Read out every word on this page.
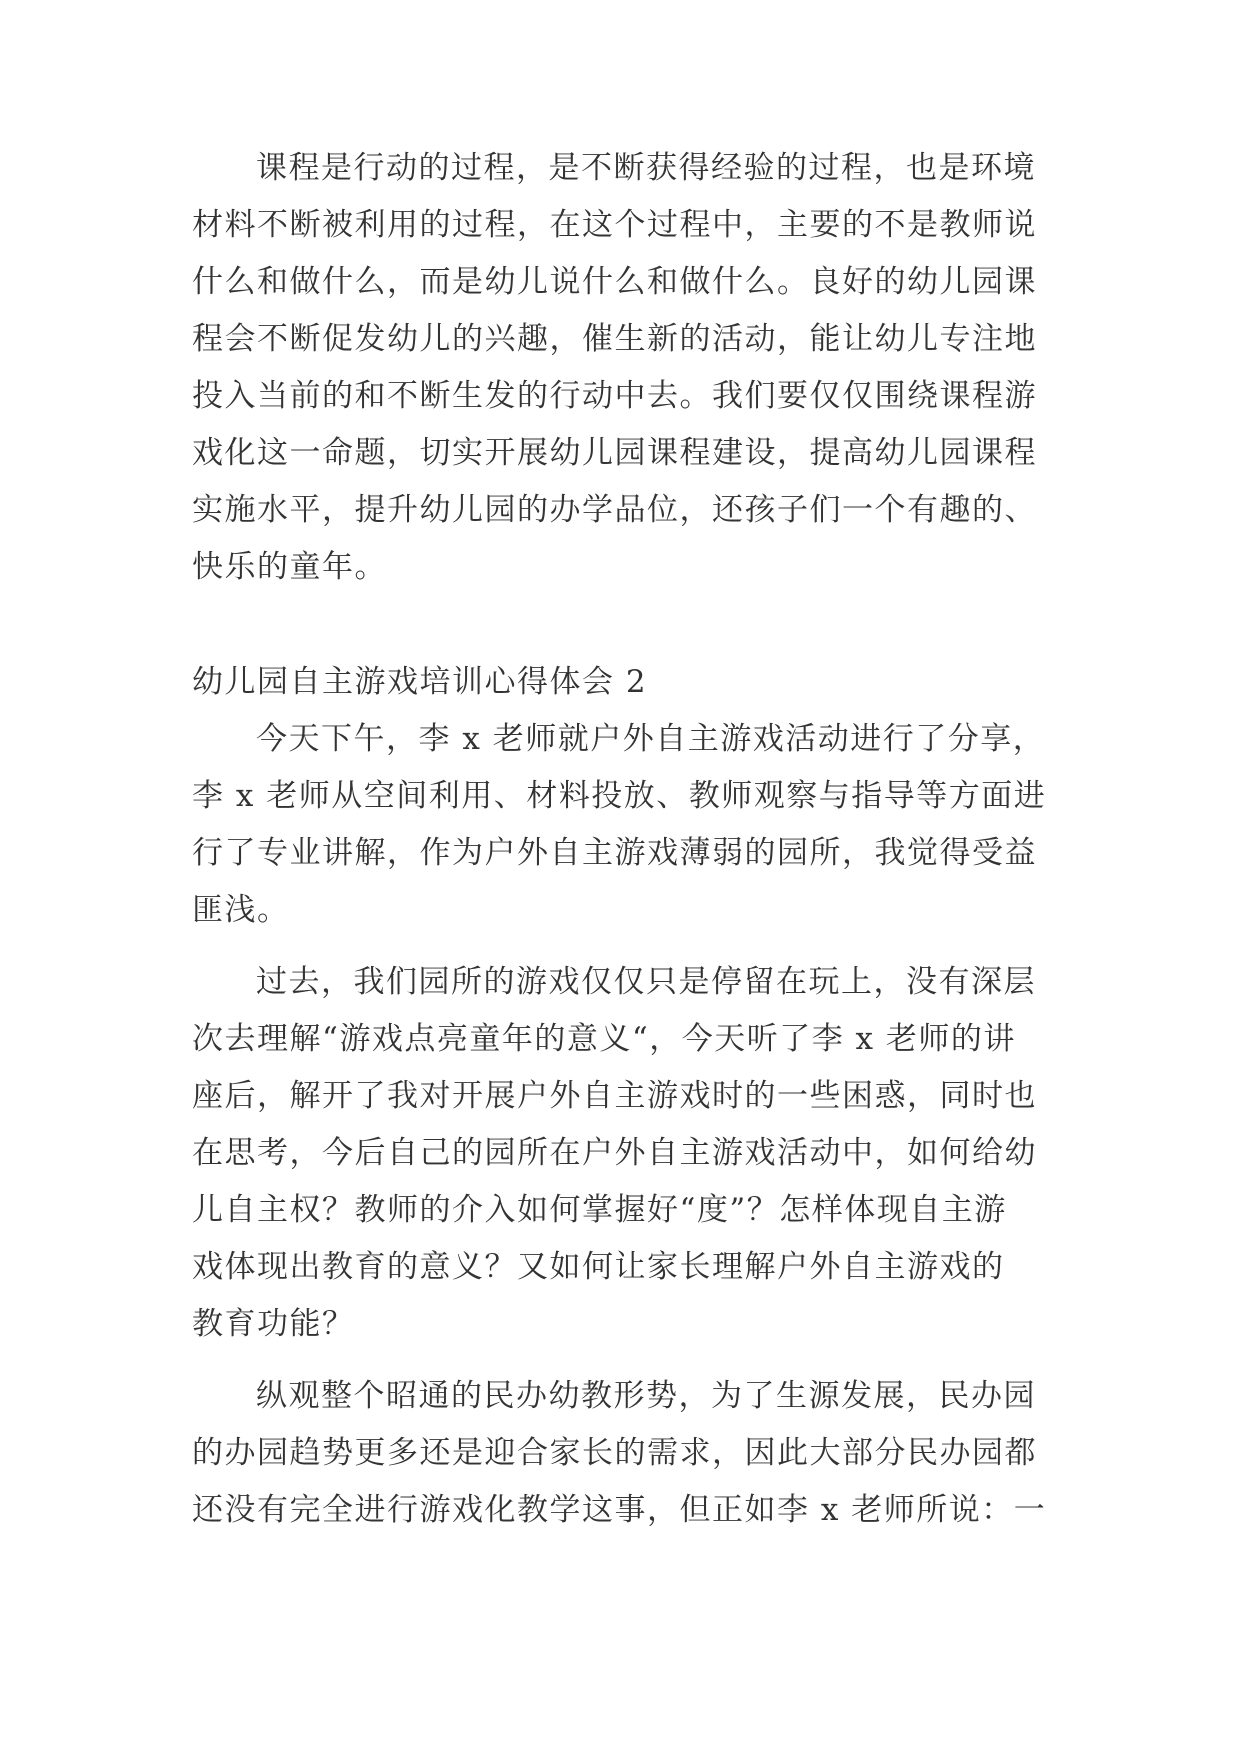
课程是行动的过程，是不断获得经验的过程，也是环境
材料不断被利用的过程，在这个过程中，主要的不是教师说
什么和做什么，而是幼儿说什么和做什么。良好的幼儿园课
程会不断促发幼儿的兴趣，催生新的活动，能让幼儿专注地
投入当前的和不断生发的行动中去。我们要仅仅围绕课程游
戏化这一命题，切实开展幼儿园课程建设，提高幼儿园课程
实施水平，提升幼儿园的办学品位，还孩子们一个有趣的、
快乐的童年。
幼儿园自主游戏培训心得体会 2
今天下午，李 x 老师就户外自主游戏活动进行了分享，
李 x 老师从空间利用、材料投放、教师观察与指导等方面进
行了专业讲解，作为户外自主游戏薄弱的园所，我觉得受益
匪浅。
过去，我们园所的游戏仅仅只是停留在玩上，没有深层
次去理解“游戏点亮童年的意义“，今天听了李 x 老师的讲
座后，解开了我对开展户外自主游戏时的一些困惑，同时也
在思考，今后自己的园所在户外自主游戏活动中，如何给幼
儿自主权？教师的介入如何掌握好“度”？怎样体现自主游
戏体现出教育的意义？又如何让家长理解户外自主游戏的
教育功能？
纵观整个昭通的民办幼教形势，为了生源发展，民办园
的办园趋势更多还是迎合家长的需求，因此大部分民办园都
还没有完全进行游戏化教学这事，但正如李 x 老师所说：一
